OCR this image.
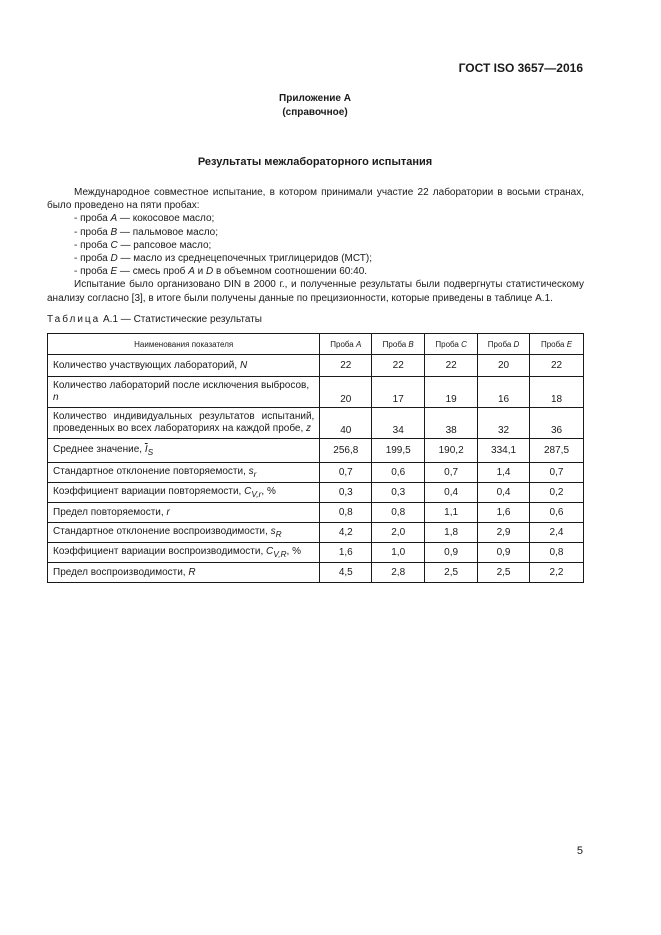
ГОСТ ISO 3657—2016
Приложение А
(справочное)
Результаты межлабораторного испытания

Международное совместное испытание, в котором принимали участие 22 лаборатории в восьми странах, было проведено на пяти пробах:

- проба A — кокосовое масло;

- проба B — пальмовое масло;

- проба C — рапсовое масло;

- проба D — масло из среднецепочечных триглицеридов (МСТ);

- проба E — смесь проб A и D в объемном соотношении 60:40.

Испытание было организовано DIN в 2000 г., и полученные результаты были подвергнуты статистическому анализу согласно [3], в итоге были получены данные по прецизионности, которые приведены в таблице А.1.

Таблица А.1 — Статистические результаты
Наименования показателя	Проба A	Проба B	Проба C	Проба D	Проба E
Количество участвующих лабораторий, N	22	22	22	20	22
Количество лабораторий после исключения выбросов, n	20	17	19	16	18
Количество индивидуальных результатов испытаний, проведенных во всех лабораториях на каждой пробе, z	40	34	38	32	36
Среднее значение, $\overline{I}_S$	256,8	199,5	190,2	334,1	287,5
Стандартное отклонение повторяемости, $s_r$	0,7	0,6	0,7	1,4	0,7
Коэффициент вариации повторяемости, $C_{V,r}$, %	0,3	0,3	0,4	0,4	0,2
Предел повторяемости, r	0,8	0,8	1,1	1,6	0,6
Стандартное отклонение воспроизводимости, $s_R$	4,2	2,0	1,8	2,9	2,4
Коэффициент вариации воспроизводимости, $C_{V,R}$, %	1,6	1,0	0,9	0,9	0,8
Предел воспроизводимости, R	4,5	2,8	2,5	2,5	2,2
5
